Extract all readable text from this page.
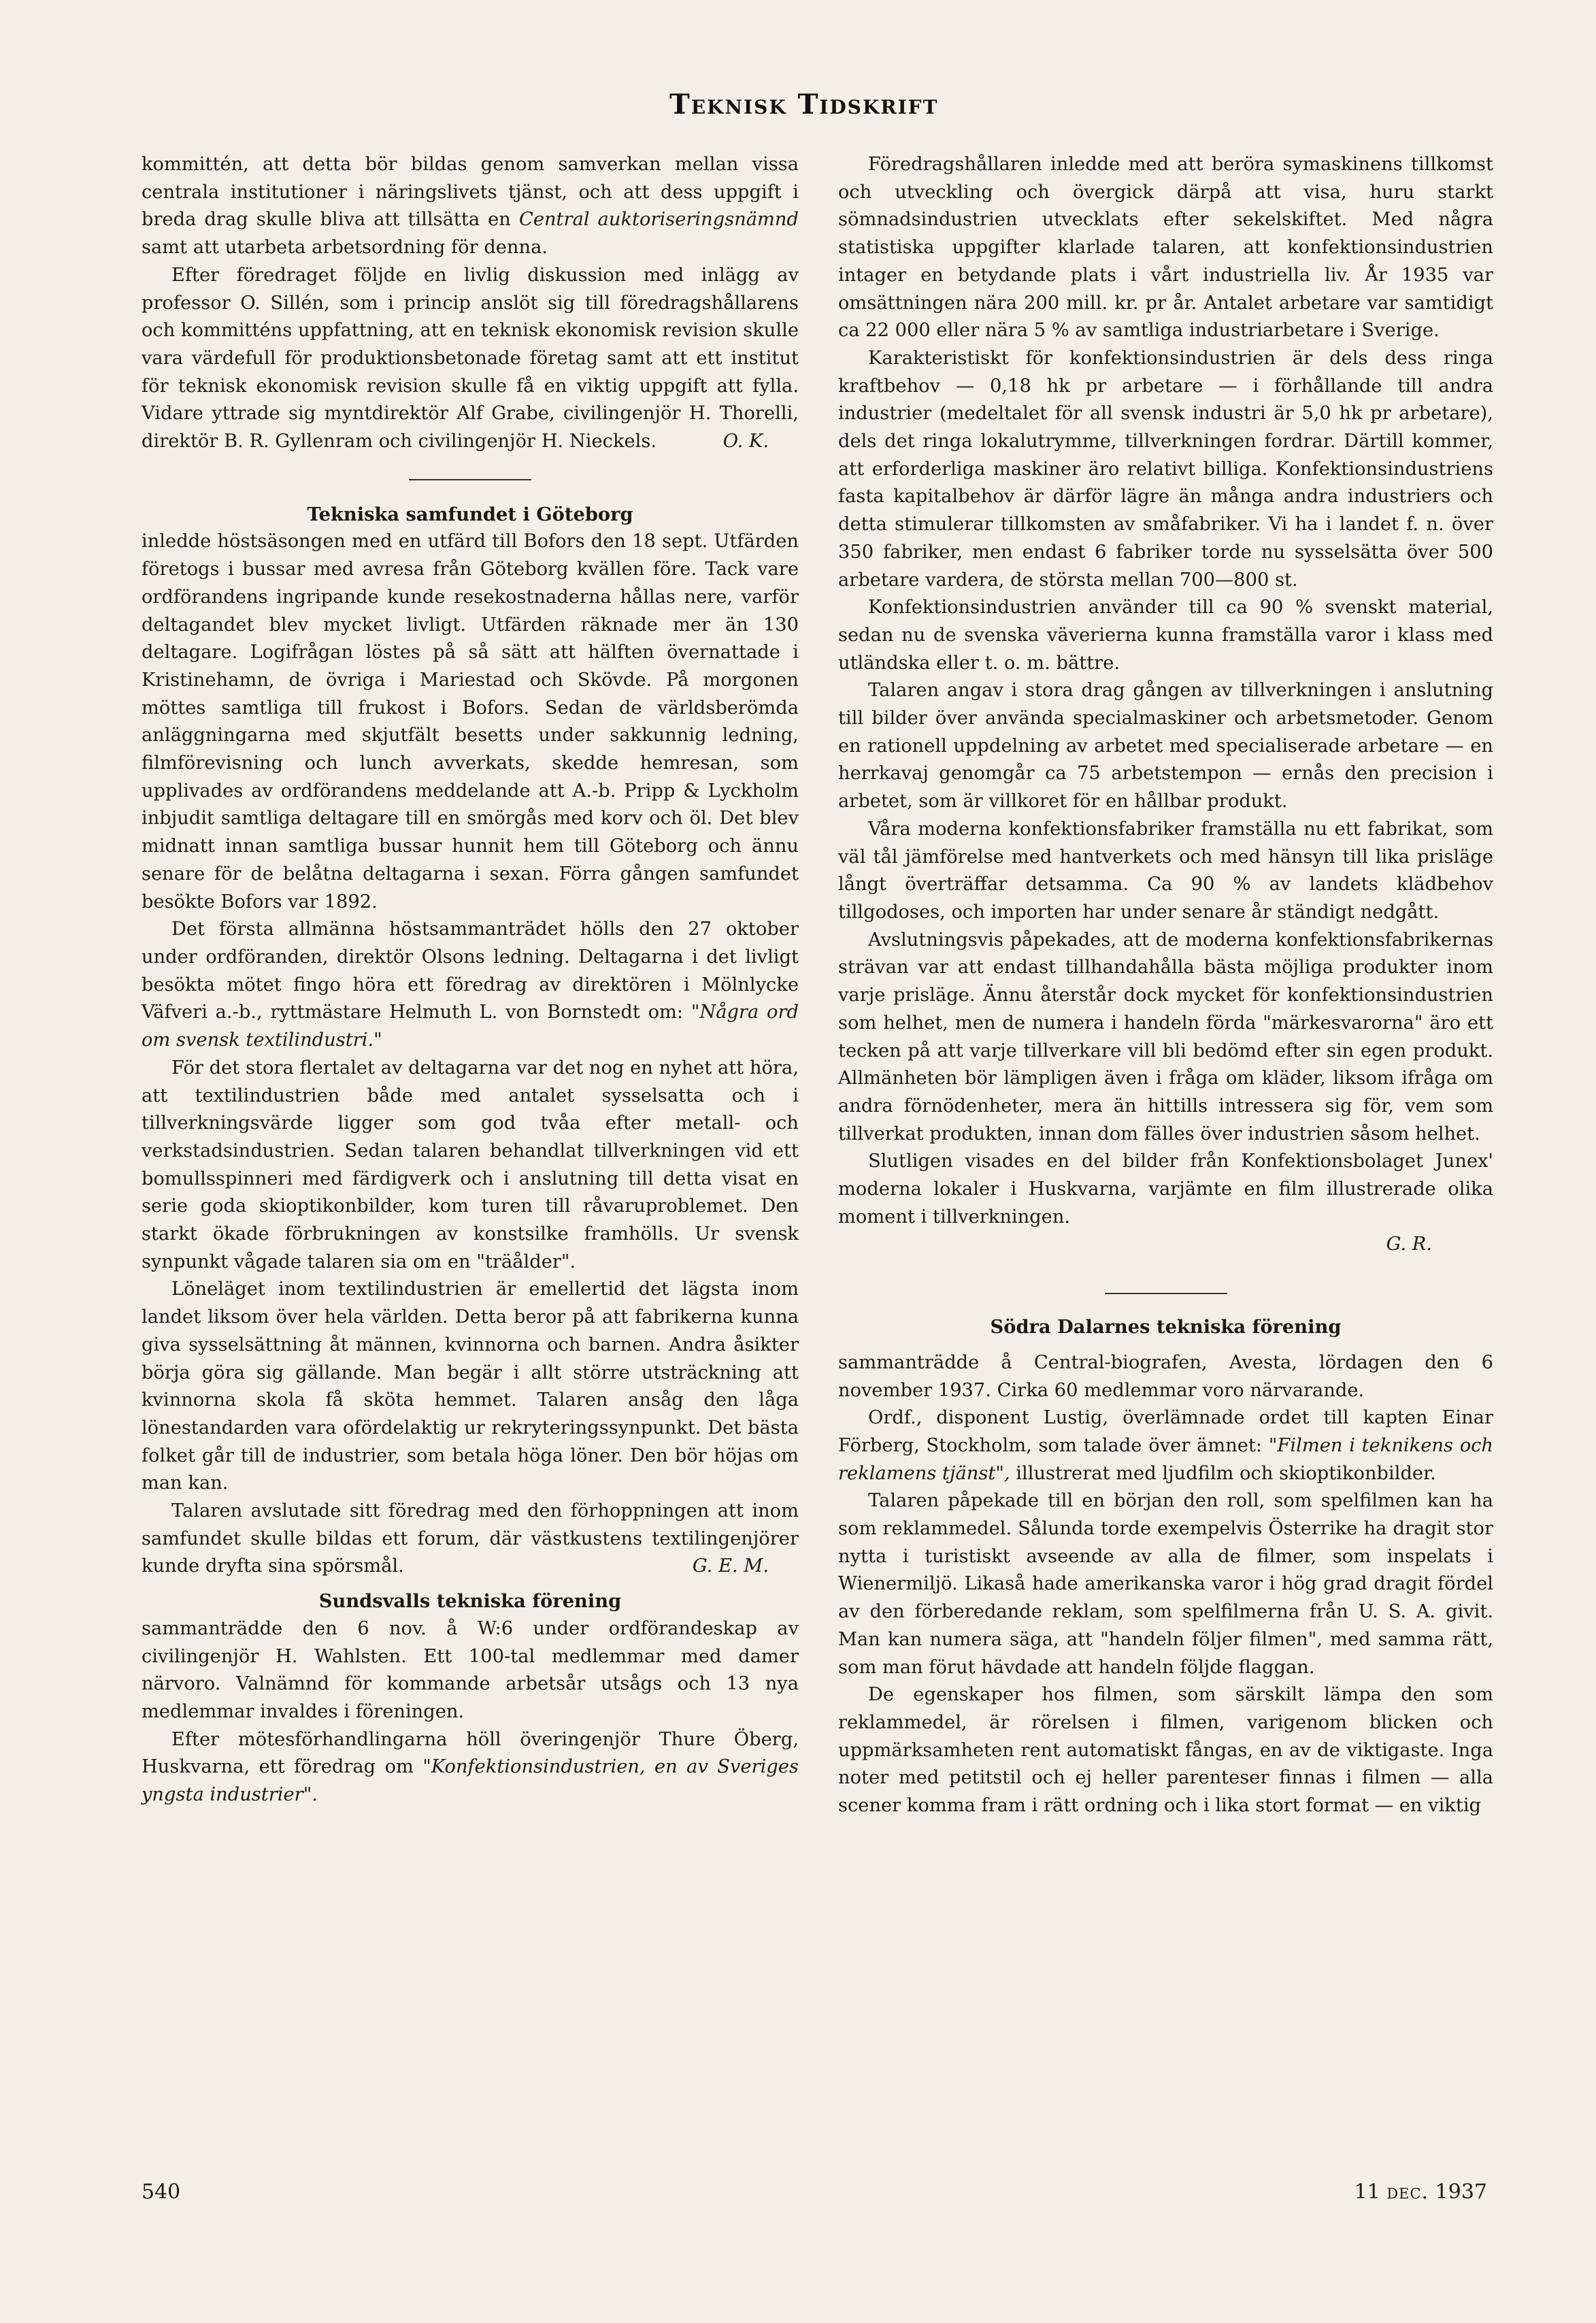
Teknisk Tidskrift

kommittén, att detta bör bildas genom samverkan mellan vissa centrala institutioner i näringslivets tjänst, och att dess uppgift i breda drag skulle bliva att tillsätta en Central auktoriseringsnämnd samt att utarbeta arbetsordning för denna.

Efter föredraget följde en livlig diskussion med inlägg av professor O. Sillén, som i princip anslöt sig till föredragshållarens och kommitténs uppfattning, att en teknisk ekonomisk revision skulle vara värdefull för produktionsbetonade företag samt att ett institut för teknisk ekonomisk revision skulle få en viktig uppgift att fylla. Vidare yttrade sig myntdirektör Alf Grabe, civilingenjör H. Thorelli, direktör B. R. Gyllenram och civilingenjör H. Nieckels.	O. K.

Tekniska samfundet i Göteborg

inledde höstsäsongen med en utfärd till Bofors den 18 sept. Utfärden företogs i bussar med avresa från Göteborg kvällen före. Tack vare ordförandens ingripande kunde resekostnaderna hållas nere, varför deltagandet blev mycket livligt. Utfärden räknade mer än 130 deltagare. Logifrågan löstes på så sätt att hälften övernattade i Kristinehamn, de övriga i Mariestad och Skövde. På morgonen möttes samtliga till frukost i Bofors. Sedan de världsberömda anläggningarna med skjutfält besetts under sakkunnig ledning, filmförevisning och lunch avverkats, skedde hemresan, som upplivades av ordförandens meddelande att A.-b. Pripp & Lyckholm inbjudit samtliga deltagare till en smörgås med korv och öl. Det blev midnatt innan samtliga bussar hunnit hem till Göteborg och ännu senare för de belåtna deltagarna i sexan. Förra gången samfundet besökte Bofors var 1892.

Det första allmänna höstsammanträdet hölls den 27 oktober under ordföranden, direktör Olsons ledning. Deltagarna i det livligt besökta mötet fingo höra ett föredrag av direktören i Mölnlycke Väfveri a.-b., ryttmästare Helmuth L. von Bornstedt om: "Några ord om svensk textilindustri."

För det stora flertalet av deltagarna var det nog en nyhet att höra, att textilindustrien både med antalet sysselsatta och i tillverkningsvärde ligger som god tvåa efter metall- och verkstadsindustrien. Sedan talaren behandlat tillverkningen vid ett bomullsspinneri med färdigverk och i anslutning till detta visat en serie goda skioptikonbilder, kom turen till råvaruproblemet. Den starkt ökade förbrukningen av konstsilke framhölls. Ur svensk synpunkt vågade talaren sia om en "träålder".

Löneläget inom textilindustrien är emellertid det lägsta inom landet liksom över hela världen. Detta beror på att fabrikerna kunna giva sysselsättning åt männen, kvinnorna och barnen. Andra åsikter börja göra sig gällande. Man begär i allt större utsträckning att kvinnorna skola få sköta hemmet. Talaren ansåg den låga lönestandarden vara ofördelaktig ur rekryteringssynpunkt. Det bästa folket går till de industrier, som betala höga löner. Den bör höjas om man kan.

Talaren avslutade sitt föredrag med den förhoppningen att inom samfundet skulle bildas ett forum, där västkustens textilingenjörer kunde dryfta sina spörsmål.	G. E. M.

Sundsvalls tekniska förening

sammanträdde den 6 nov. å W:6 under ordförandeskap av civilingenjör H. Wahlsten. Ett 100-tal medlemmar med damer närvoro. Valnämnd för kommande arbetsår utsågs och 13 nya medlemmar invaldes i föreningen.

Efter mötesförhandlingarna höll överingenjör Thure Öberg, Huskvarna, ett föredrag om "Konfektionsindustrien, en av Sveriges yngsta industrier".

Föredragshållaren inledde med att beröra symaskinens tillkomst och utveckling och övergick därpå att visa, huru starkt sömnadsindustrien utvecklats efter sekelskiftet. Med några statistiska uppgifter klarlade talaren, att konfektionsindustrien intager en betydande plats i vårt industriella liv. År 1935 var omsättningen nära 200 mill. kr. pr år. Antalet arbetare var samtidigt ca 22 000 eller nära 5 % av samtliga industriarbetare i Sverige.

Karakteristiskt för konfektionsindustrien är dels dess ringa kraftbehov — 0,18 hk pr arbetare — i förhållande till andra industrier (medeltalet för all svensk industri är 5,0 hk pr arbetare), dels det ringa lokalutrymme, tillverkningen fordrar. Därtill kommer, att erforderliga maskiner äro relativt billiga. Konfektionsindustriens fasta kapitalbehov är därför lägre än många andra industriers och detta stimulerar tillkomsten av småfabriker. Vi ha i landet f. n. över 350 fabriker, men endast 6 fabriker torde nu sysselsätta över 500 arbetare vardera, de största mellan 700—800 st.

Konfektionsindustrien använder till ca 90 % svenskt material, sedan nu de svenska väverierna kunna framställa varor i klass med utländska eller t. o. m. bättre.

Talaren angav i stora drag gången av tillverkningen i anslutning till bilder över använda specialmaskiner och arbetsmetoder. Genom en rationell uppdelning av arbetet med specialiserade arbetare — en herrkavaj genomgår ca 75 arbetstempon — ernås den precision i arbetet, som är villkoret för en hållbar produkt.

Våra moderna konfektionsfabriker framställa nu ett fabrikat, som väl tål jämförelse med hantverkets och med hänsyn till lika prisläge långt överträffar detsamma. Ca 90 % av landets klädbehov tillgodoses, och importen har under senare år ständigt nedgått.

Avslutningsvis påpekades, att de moderna konfektionsfabrikernas strävan var att endast tillhandahålla bästa möjliga produkter inom varje prisläge. Ännu återstår dock mycket för konfektionsindustrien som helhet, men de numera i handeln förda "märkesvarorna" äro ett tecken på att varje tillverkare vill bli bedömd efter sin egen produkt. Allmänheten bör lämpligen även i fråga om kläder, liksom ifråga om andra förnödenheter, mera än hittills intressera sig för, vem som tillverkat produkten, innan dom fälles över industrien såsom helhet.

Slutligen visades en del bilder från Konfektionsbolaget Junex' moderna lokaler i Huskvarna, varjämte en film illustrerade olika moment i tillverkningen.

G. R.

Södra Dalarnes tekniska förening

sammanträdde å Central-biografen, Avesta, lördagen den 6 november 1937. Cirka 60 medlemmar voro närvarande.

Ordf., disponent Lustig, överlämnade ordet till kapten Einar Förberg, Stockholm, som talade över ämnet: "Filmen i teknikens och reklamens tjänst", illustrerat med ljudfilm och skioptikonbilder.

Talaren påpekade till en början den roll, som spelfilmen kan ha som reklammedel. Sålunda torde exempelvis Österrike ha dragit stor nytta i turistiskt avseende av alla de filmer, som inspelats i Wienermiljö. Likaså hade amerikanska varor i hög grad dragit fördel av den förberedande reklam, som spelfilmerna från U. S. A. givit. Man kan numera säga, att "handeln följer filmen", med samma rätt, som man förut hävdade att handeln följde flaggan.

De egenskaper hos filmen, som särskilt lämpa den som reklammedel, är rörelsen i filmen, varigenom blicken och uppmärksamheten rent automatiskt fångas, en av de viktigaste. Inga noter med petitstil och ej heller parenteser finnas i filmen — alla scener komma fram i rätt ordning och i lika stort format — en viktig

540	11 dec. 1937
